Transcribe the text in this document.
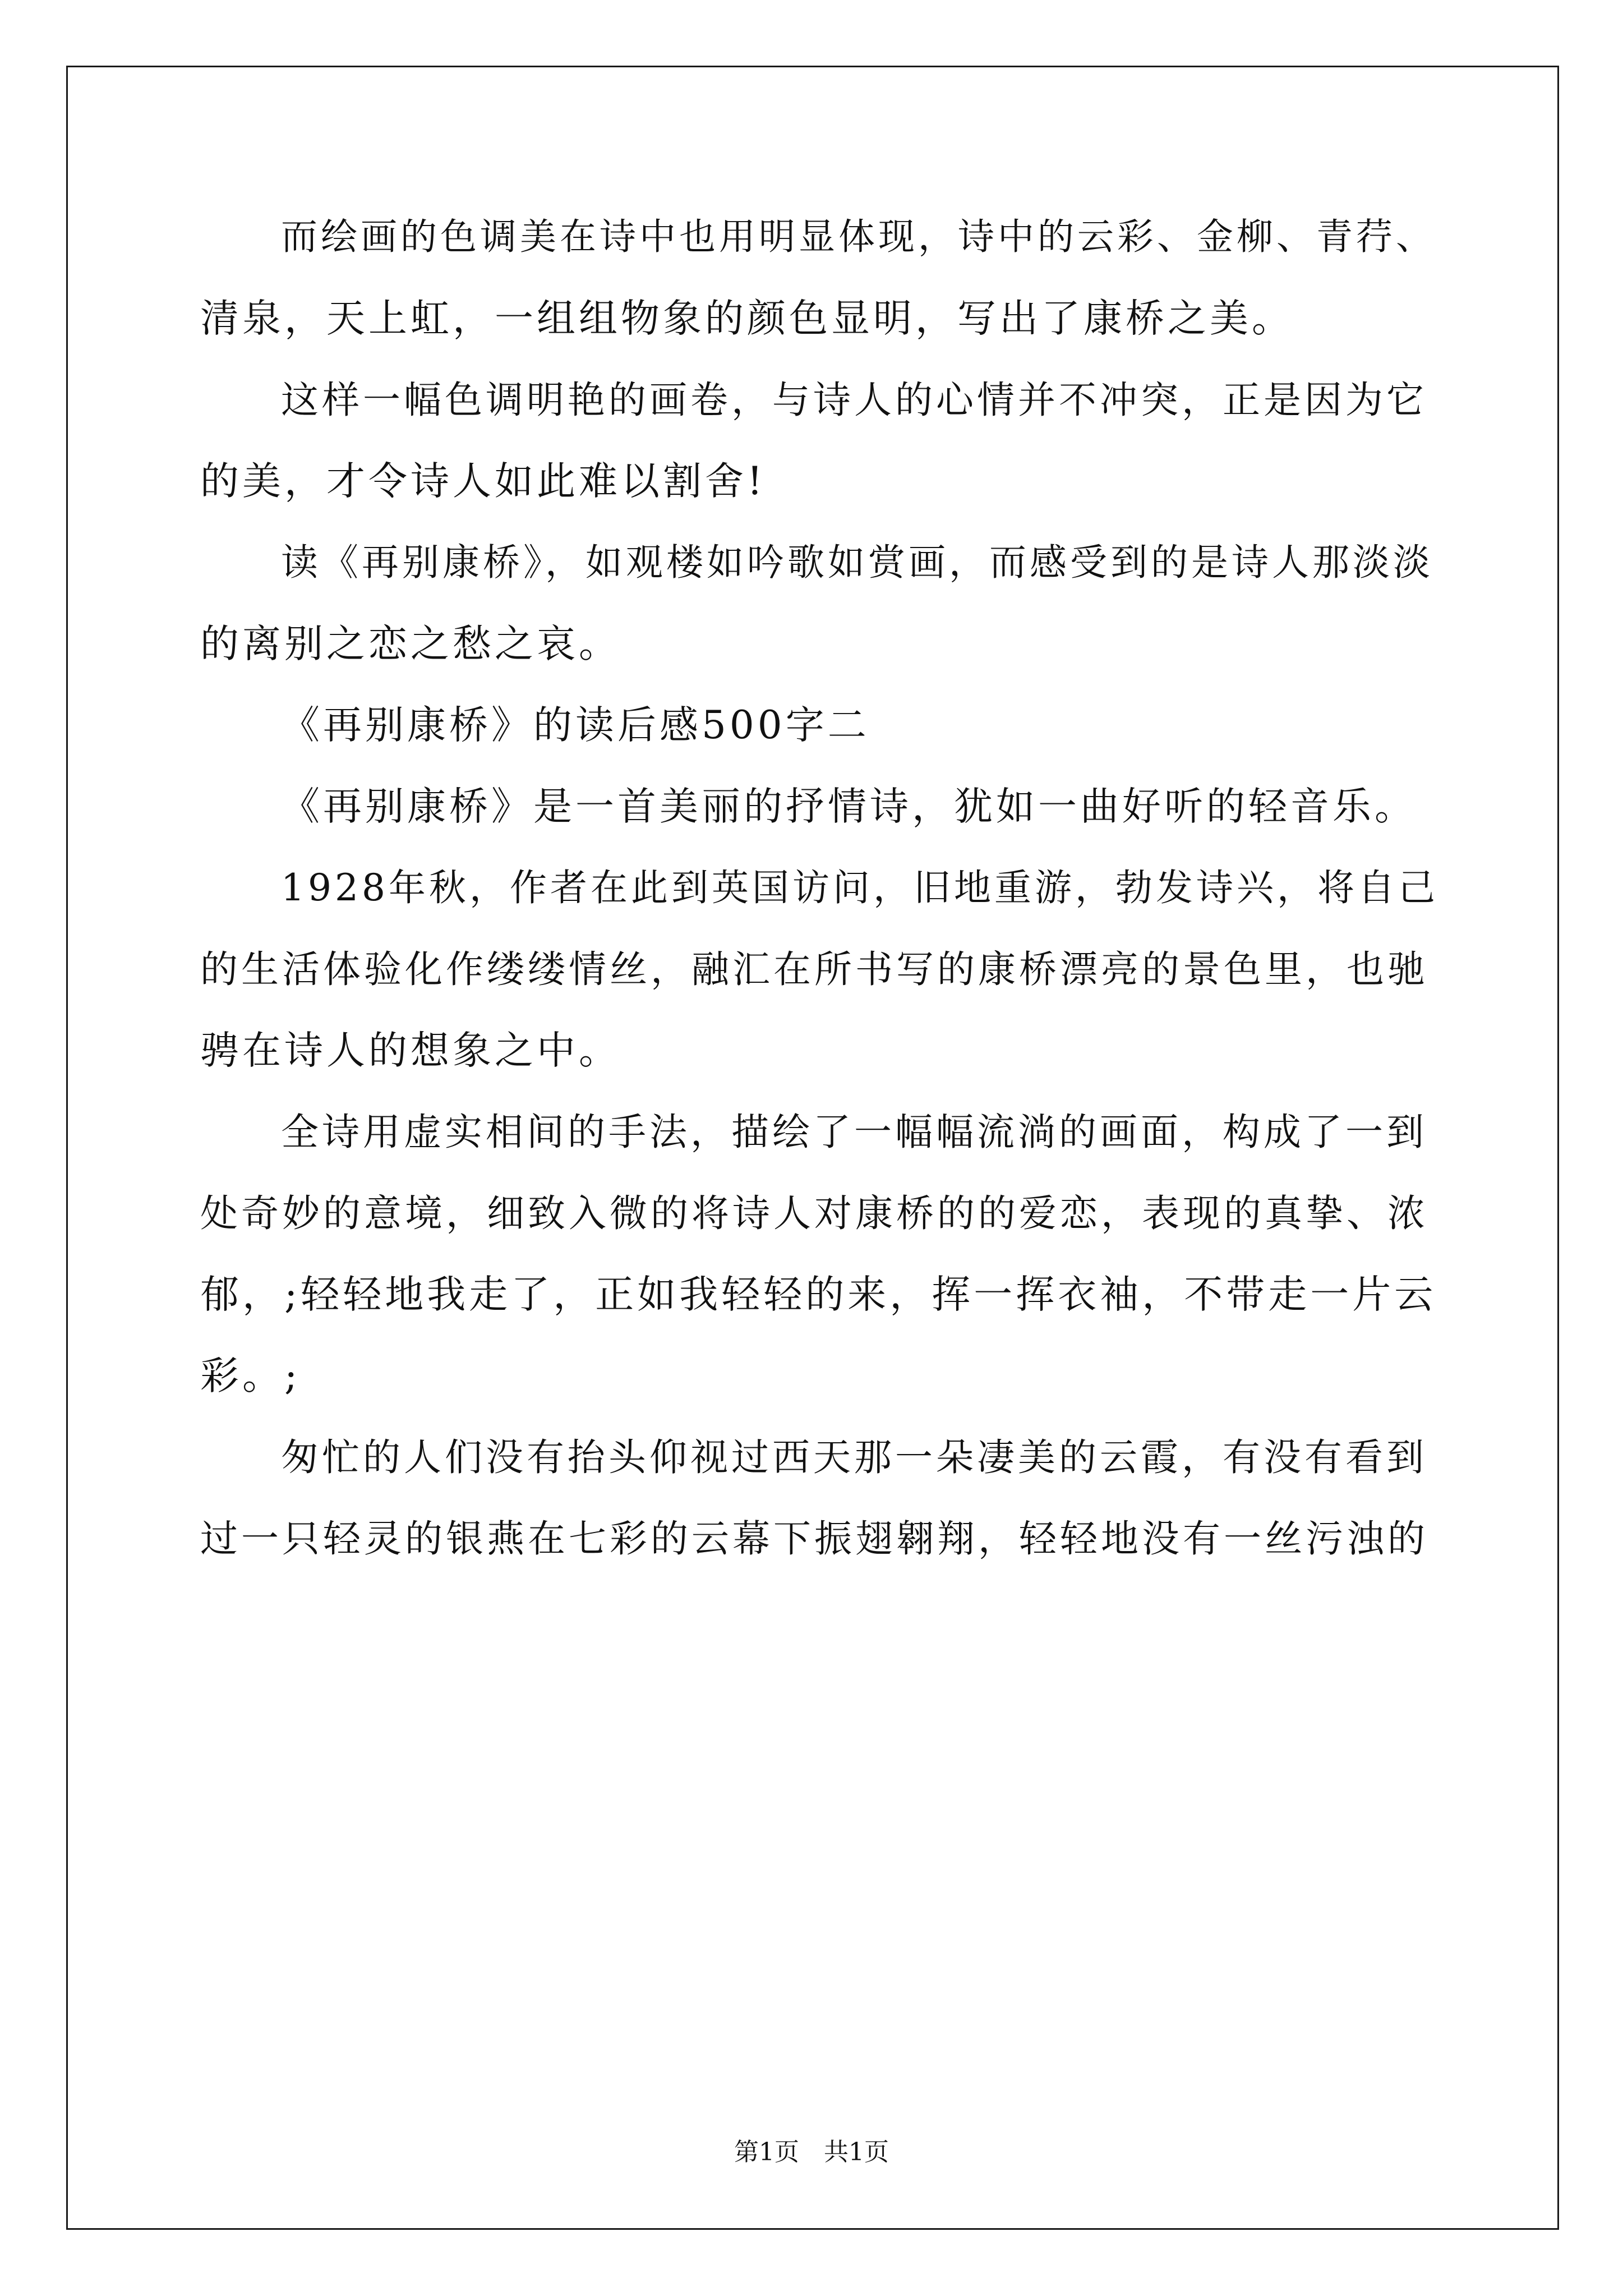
而绘画的色调美在诗中也用明显体现，诗中的云彩、金柳、青荇、
清泉，天上虹，一组组物象的颜色显明，写出了康桥之美。
这样一幅色调明艳的画卷，与诗人的心情并不冲突，正是因为它
的美，才令诗人如此难以割舍!
读《再别康桥》，如观楼如吟歌如赏画，而感受到的是诗人那淡淡
的离别之恋之愁之哀。
《再别康桥》的读后感500字二
《再别康桥》是一首美丽的抒情诗，犹如一曲好听的轻音乐。
1928年秋，作者在此到英国访问，旧地重游，勃发诗兴，将自己
的生活体验化作缕缕情丝，融汇在所书写的康桥漂亮的景色里，也驰
骋在诗人的想象之中。
全诗用虚实相间的手法，描绘了一幅幅流淌的画面，构成了一到
处奇妙的意境，细致入微的将诗人对康桥的的爱恋，表现的真挚、浓
郁，;轻轻地我走了，正如我轻轻的来，挥一挥衣袖，不带走一片云
彩。;
匆忙的人们没有抬头仰视过西天那一朵凄美的云霞，有没有看到
过一只轻灵的银燕在七彩的云幕下振翅翱翔，轻轻地没有一丝污浊的
第1页　共1页
